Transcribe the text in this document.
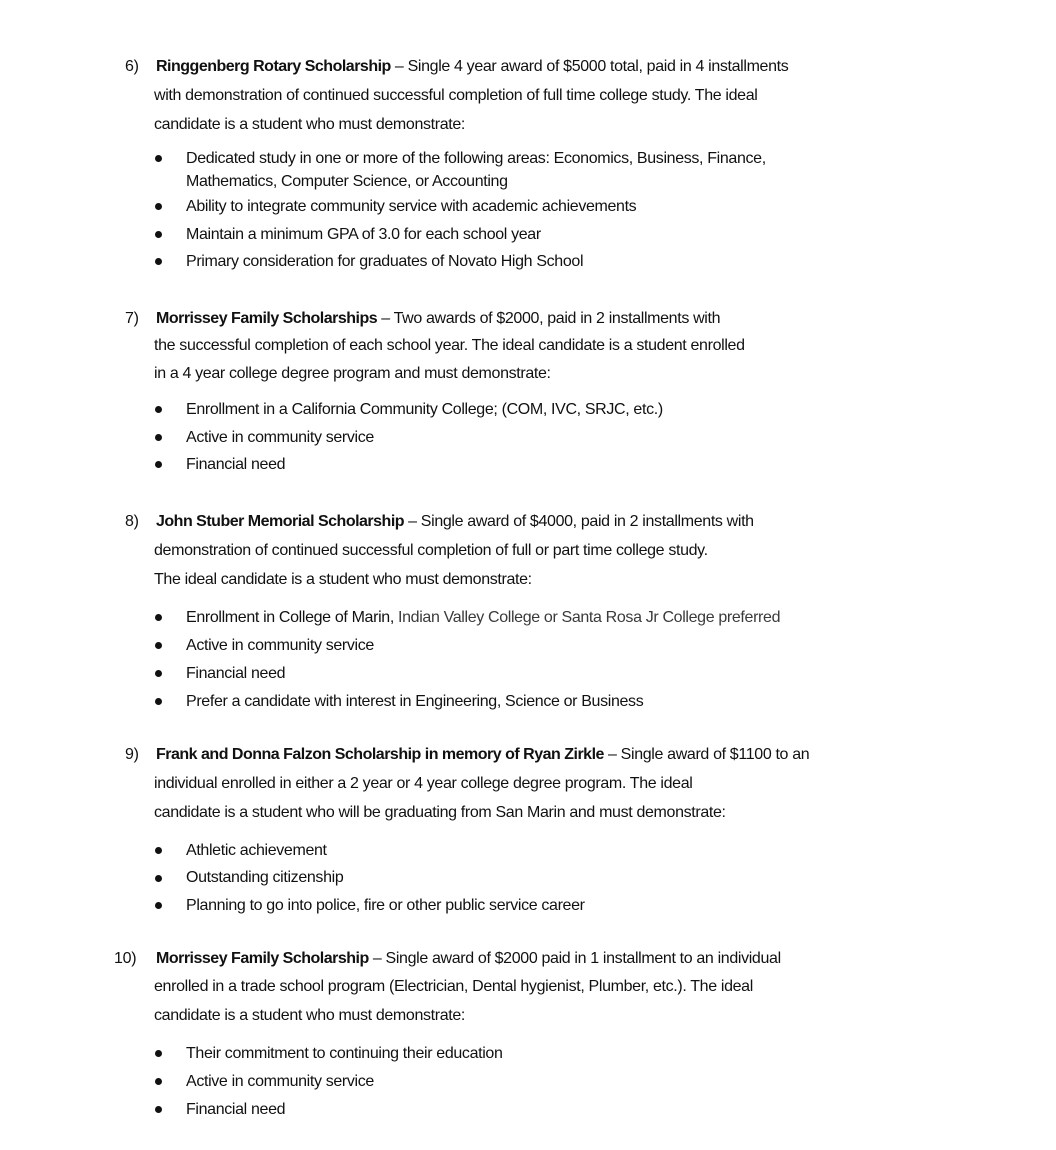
6) Ringgenberg Rotary Scholarship – Single 4 year award of $5000 total, paid in 4 installments
with demonstration of continued successful completion of full time college study. The ideal
candidate is a student who must demonstrate:
Dedicated study in one or more of the following areas: Economics, Business, Finance,
Mathematics, Computer Science, or Accounting
Ability to integrate community service with academic achievements
Maintain a minimum GPA of 3.0 for each school year
Primary consideration for graduates of Novato High School
7) Morrissey Family Scholarships – Two awards of $2000, paid in 2 installments with
the successful completion of each school year. The ideal candidate is a student enrolled
in a 4 year college degree program and must demonstrate:
Enrollment in a California Community College; (COM, IVC, SRJC, etc.)
Active in community service
Financial need
8) John Stuber Memorial Scholarship – Single award of $4000, paid in 2 installments with
demonstration of continued successful completion of full or part time college study.
The ideal candidate is a student who must demonstrate:
Enrollment in College of Marin, Indian Valley College or Santa Rosa Jr College preferred
Active in community service
Financial need
Prefer a candidate with interest in Engineering, Science or Business
9) Frank and Donna Falzon Scholarship in memory of Ryan Zirkle – Single award of $1100 to an
individual enrolled in either a 2 year or 4 year college degree program. The ideal
candidate is a student who will be graduating from San Marin and must demonstrate:
Athletic achievement
Outstanding citizenship
Planning to go into police, fire or other public service career
10) Morrissey Family Scholarship – Single award of $2000 paid in 1 installment to an individual
enrolled in a trade school program (Electrician, Dental hygienist, Plumber, etc.). The ideal
candidate is a student who must demonstrate:
Their commitment to continuing their education
Active in community service
Financial need
